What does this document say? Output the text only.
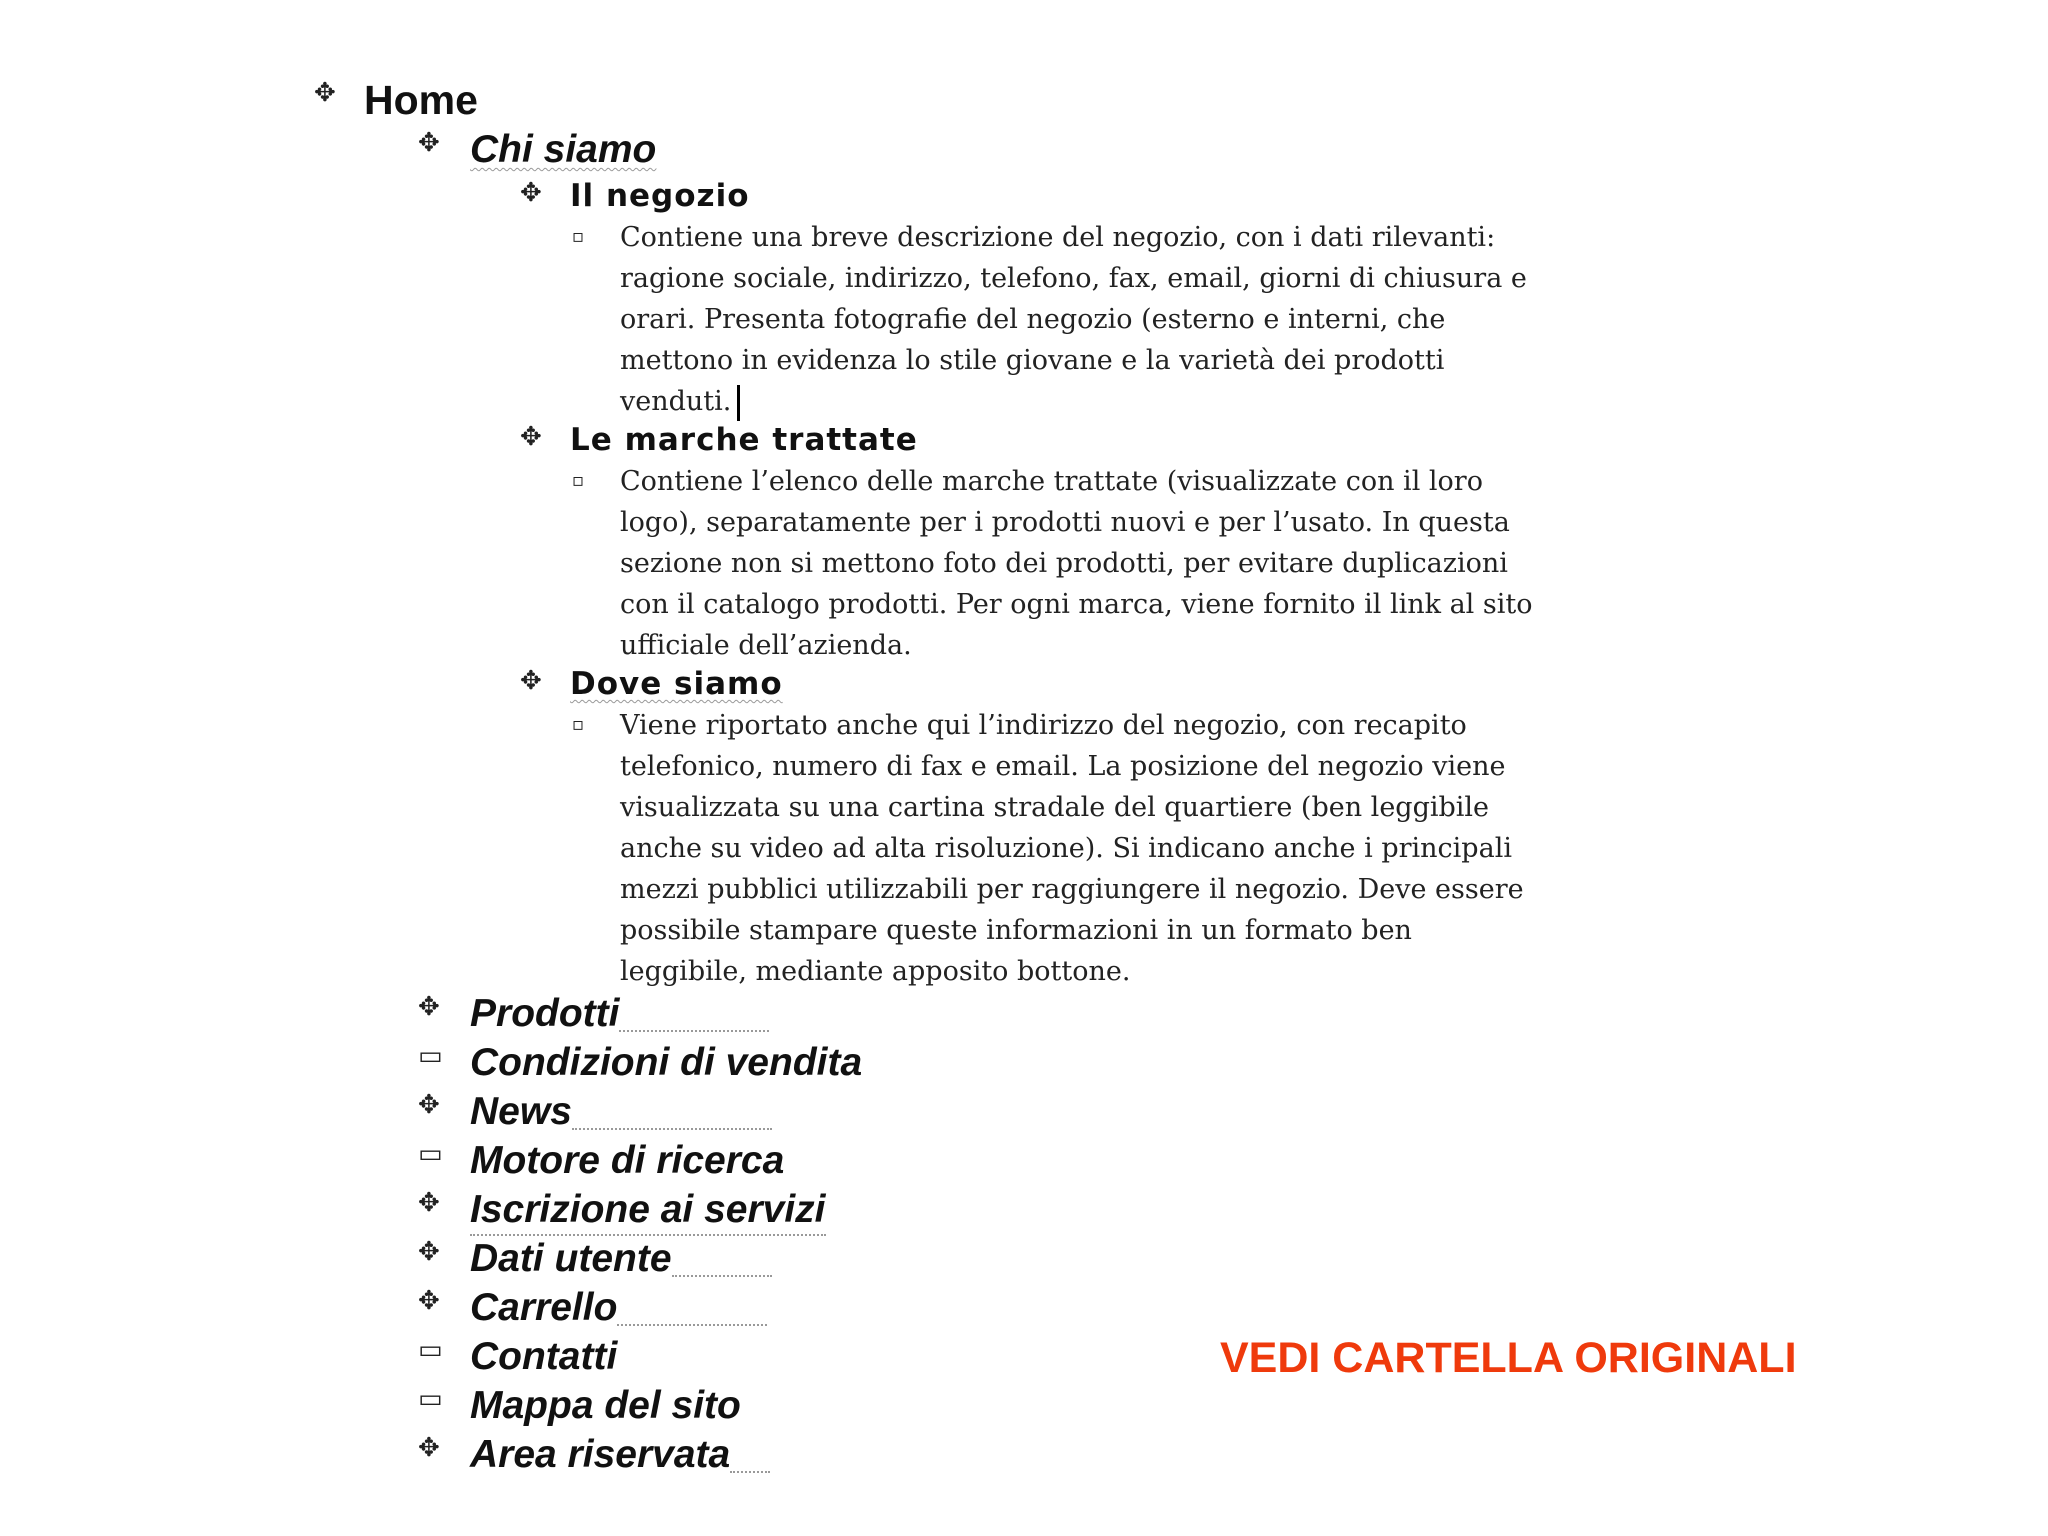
✥ Home
✥ Chi siamo
✥ Il negozio
▫	Contiene una breve descrizione del negozio, con i dati rilevanti: ragione sociale, indirizzo, telefono, fax, email, giorni di chiusura e orari. Presenta fotografie del negozio (esterno e interni, che mettono in evidenza lo stile giovane e la varietà dei prodotti venduti.
✥ Le marche trattate
▫	Contiene l’elenco delle marche trattate (visualizzate con il loro logo), separatamente per i prodotti nuovi e per l’usato. In questa sezione non si mettono foto dei prodotti, per evitare duplicazioni con il catalogo prodotti. Per ogni marca, viene fornito il link al sito ufficiale dell’azienda.
✥ Dove siamo
▫	Viene riportato anche qui l’indirizzo del negozio, con recapito telefonico, numero di fax e email. La posizione del negozio viene visualizzata su una cartina stradale del quartiere (ben leggibile anche su video ad alta risoluzione). Si indicano anche i principali mezzi pubblici utilizzabili per raggiungere il negozio. Deve essere possibile stampare queste informazioni in un formato ben leggibile, mediante apposito bottone.
✥ Prodotti
▭ Condizioni di vendita
✥ News
▭ Motore di ricerca
✥ Iscrizione ai servizi
✥ Dati utente
✥ Carrello
▭ Contatti
▭ Mappa del sito
✥ Area riservata
VEDI CARTELLA ORIGINALI
